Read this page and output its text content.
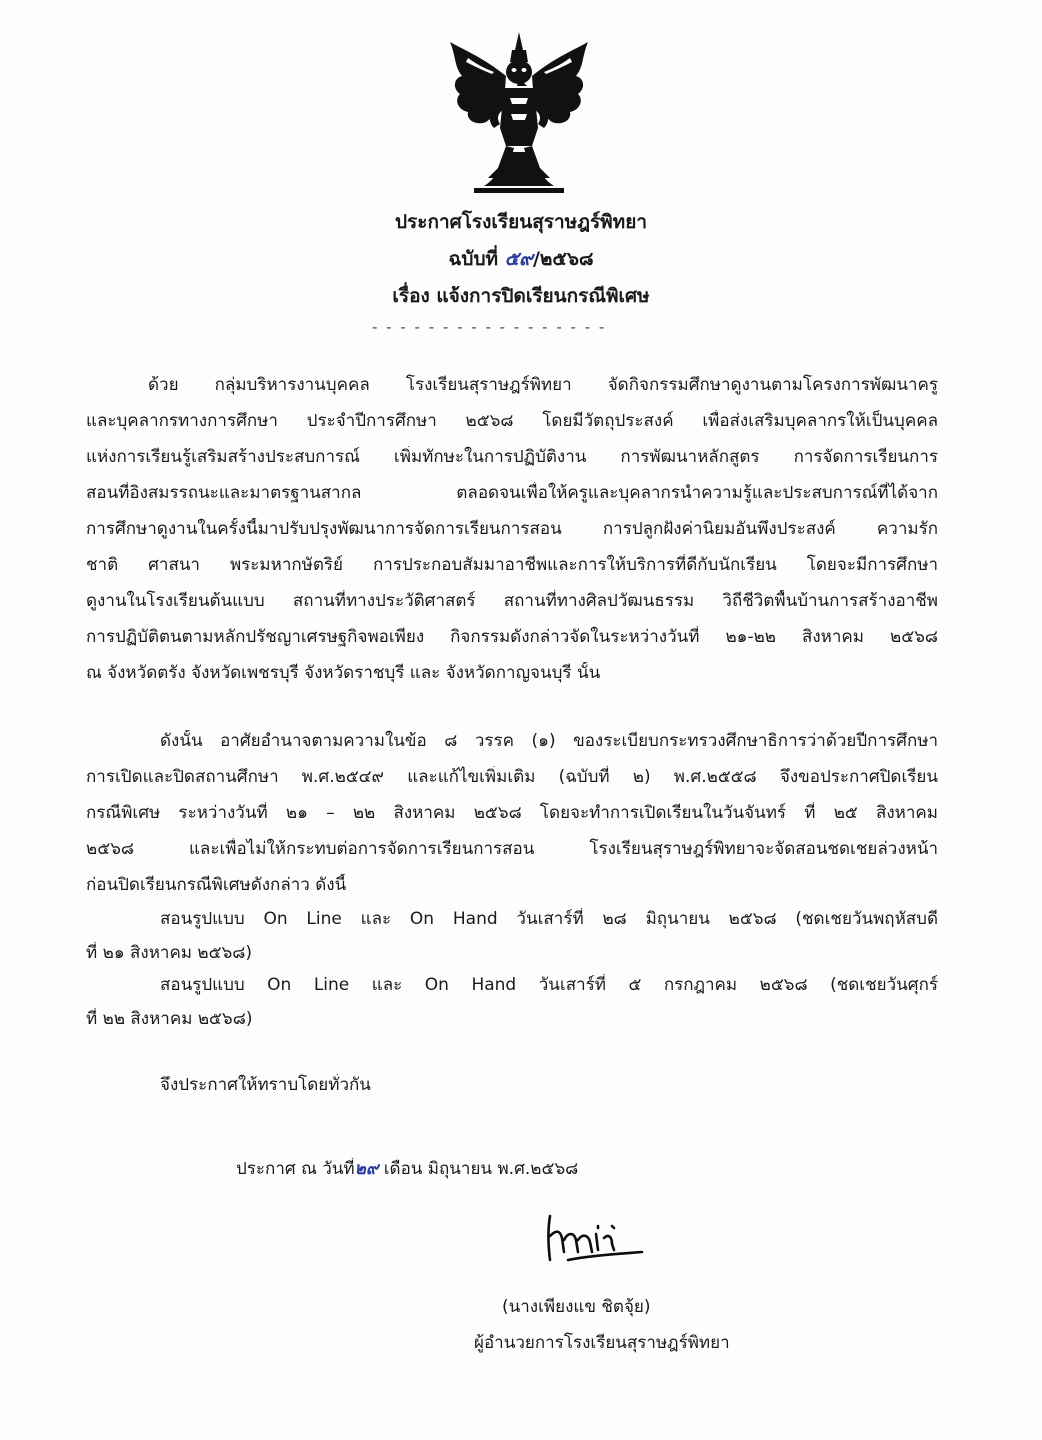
ประกาศโรงเรียนสุราษฎร์พิทยา
ฉบับที่ ๕๙/๒๕๖๘
เรื่อง แจ้งการปิดเรียนกรณีพิเศษ
- - - - - - - - - - - - - - - - -
ด้วย กลุ่มบริหารงานบุคคล โรงเรียนสุราษฎร์พิทยา จัดกิจกรรมศึกษาดูงานตามโครงการพัฒนาครู
และบุคลากรทางการศึกษา ประจำปีการศึกษา ๒๕๖๘ โดยมีวัตถุประสงค์ เพื่อส่งเสริมบุคลากรให้เป็นบุคคล
แห่งการเรียนรู้เสริมสร้างประสบการณ์ เพิ่มทักษะในการปฏิบัติงาน การพัฒนาหลักสูตร การจัดการเรียนการ
สอนที่อิงสมรรถนะและมาตรฐานสากล ตลอดจนเพื่อให้ครูและบุคลากรนำความรู้และประสบการณ์ที่ได้จาก
การศึกษาดูงานในครั้งนี้มาปรับปรุงพัฒนาการจัดการเรียนการสอน การปลูกฝังค่านิยมอันพึงประสงค์ ความรัก
ชาติ ศาสนา พระมหากษัตริย์ การประกอบสัมมาอาชีพและการให้บริการที่ดีกับนักเรียน โดยจะมีการศึกษา
ดูงานในโรงเรียนต้นแบบ สถานที่ทางประวัติศาสตร์ สถานที่ทางศิลปวัฒนธรรม วิถีชีวิตพื้นบ้านการสร้างอาชีพ
การปฏิบัติตนตามหลักปรัชญาเศรษฐกิจพอเพียง กิจกรรมดังกล่าวจัดในระหว่างวันที่ ๒๑-๒๒ สิงหาคม ๒๕๖๘
ณ จังหวัดตรัง จังหวัดเพชรบุรี จังหวัดราชบุรี และ จังหวัดกาญจนบุรี นั้น
ดังนั้น อาศัยอำนาจตามความในข้อ ๘ วรรค (๑) ของระเบียบกระทรวงศึกษาธิการว่าด้วยปีการศึกษา
การเปิดและปิดสถานศึกษา พ.ศ.๒๕๔๙ และแก้ไขเพิ่มเติม (ฉบับที่ ๒) พ.ศ.๒๕๕๘ จึงขอประกาศปิดเรียน
กรณีพิเศษ ระหว่างวันที่ ๒๑ – ๒๒ สิงหาคม ๒๕๖๘ โดยจะทำการเปิดเรียนในวันจันทร์ ที่ ๒๕ สิงหาคม
๒๕๖๘ และเพื่อไม่ให้กระทบต่อการจัดการเรียนการสอน โรงเรียนสุราษฎร์พิทยาจะจัดสอนชดเชยล่วงหน้า
ก่อนปิดเรียนกรณีพิเศษดังกล่าว ดังนี้
สอนรูปแบบ On Line และ On Hand วันเสาร์ที่ ๒๘ มิถุนายน ๒๕๖๘ (ชดเชยวันพฤหัสบดี
ที่ ๒๑ สิงหาคม ๒๕๖๘)
สอนรูปแบบ On Line และ On Hand วันเสาร์ที่ ๕ กรกฎาคม ๒๕๖๘ (ชดเชยวันศุกร์
ที่ ๒๒ สิงหาคม ๒๕๖๘)
จึงประกาศให้ทราบโดยทั่วกัน
ประกาศ ณ วันที่๒๙ เดือน มิถุนายน พ.ศ.๒๕๖๘
(นางเพียงแข ชิตจุ้ย)
ผู้อำนวยการโรงเรียนสุราษฎร์พิทยา
